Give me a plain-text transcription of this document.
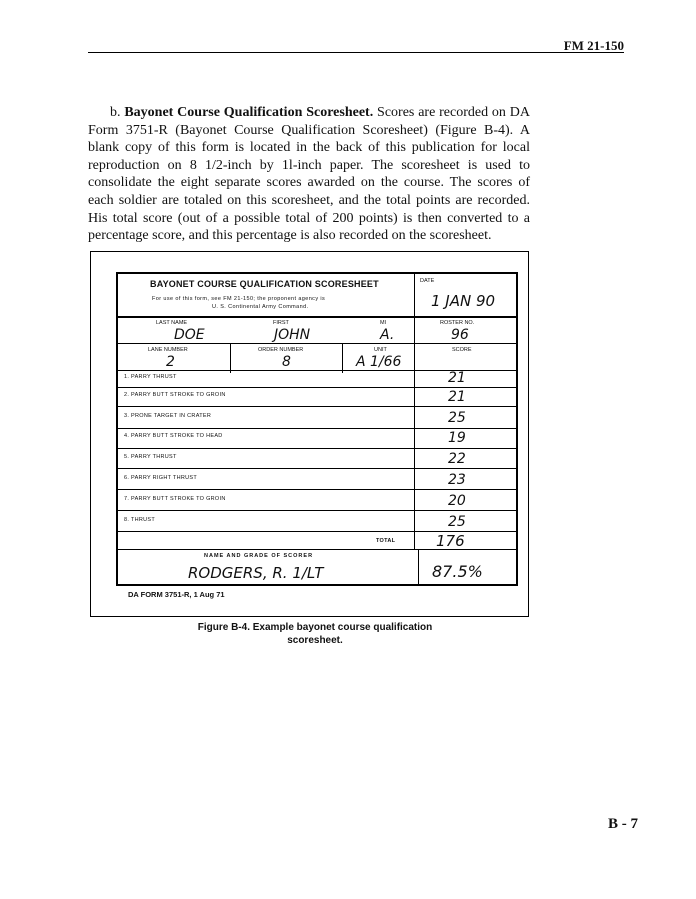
FM 21-150
b. Bayonet Course Qualification Scoresheet. Scores are recorded on DA Form 3751-R (Bayonet Course Qualification Scoresheet) (Figure B-4). A blank copy of this form is located in the back of this publication for local reproduction on 8 1/2-inch by 1l-inch paper. The scoresheet is used to consolidate the eight separate scores awarded on the course. The scores of each soldier are totaled on this scoresheet, and the total points are recorded. His total score (out of a possible total of 200 points) is then converted to a percentage score, and this percentage is also recorded on the scoresheet.
BAYONET COURSE QUALIFICATION SCORESHEET
For use of this form, see FM 21-150; the proponent agency is
U. S. Continental Army Command.
DATE
1 JAN 90
LAST NAME	FIRST	MI	ROSTER NO.
DOE	JOHN	A.	96
LANE NUMBER	ORDER NUMBER	UNIT	SCORE
2	8	A 1/66
1. PARRY THRUST	21
2. PARRY BUTT STROKE TO GROIN	21
3. PRONE TARGET IN CRATER	25
4. PARRY BUTT STROKE TO HEAD	19
5. PARRY THRUST	22
6. PARRY RIGHT THRUST	23
7. PARRY BUTT STROKE TO GROIN	20
8. THRUST	25
TOTAL	176
NAME AND GRADE OF SCORER
RODGERS, R. 1/LT	87.5%
DA FORM 3751-R, 1 Aug 71
Figure B-4. Example bayonet course qualification
scoresheet.
B - 7
